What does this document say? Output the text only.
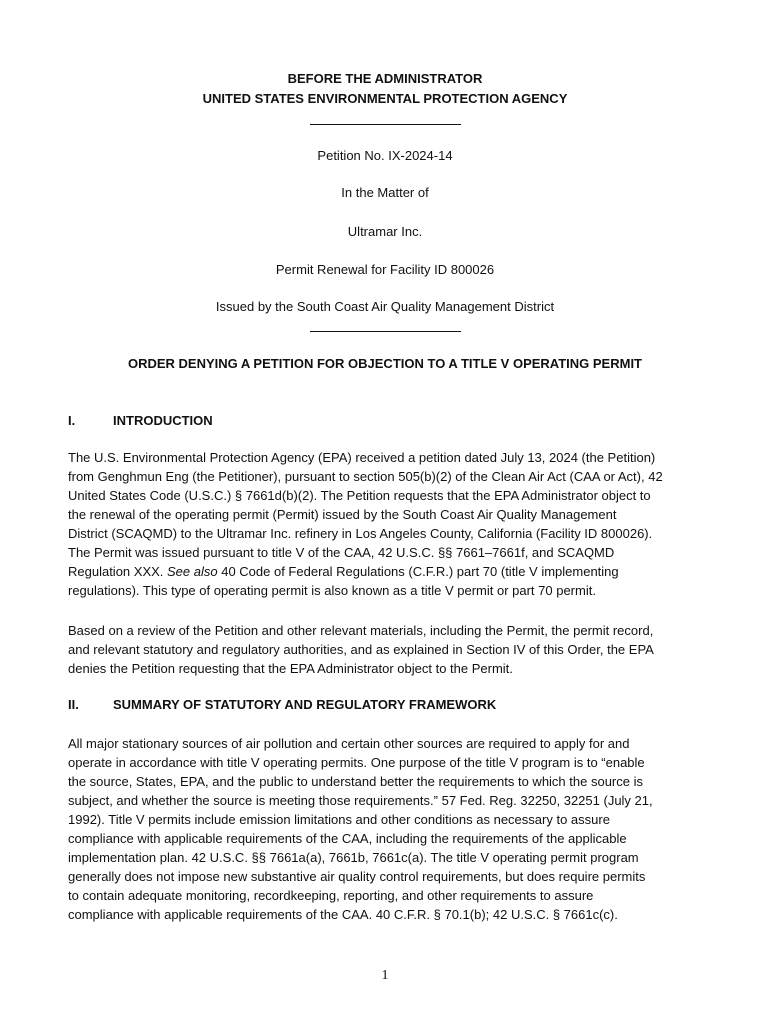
BEFORE THE ADMINISTRATOR
UNITED STATES ENVIRONMENTAL PROTECTION AGENCY
Petition No. IX-2024-14
In the Matter of
Ultramar Inc.
Permit Renewal for Facility ID 800026
Issued by the South Coast Air Quality Management District
ORDER DENYING A PETITION FOR OBJECTION TO A TITLE V OPERATING PERMIT
I.	INTRODUCTION
The U.S. Environmental Protection Agency (EPA) received a petition dated July 13, 2024 (the Petition)
from Genghmun Eng (the Petitioner), pursuant to section 505(b)(2) of the Clean Air Act (CAA or Act), 42
United States Code (U.S.C.) § 7661d(b)(2). The Petition requests that the EPA Administrator object to
the renewal of the operating permit (Permit) issued by the South Coast Air Quality Management
District (SCAQMD) to the Ultramar Inc. refinery in Los Angeles County, California (Facility ID 800026).
The Permit was issued pursuant to title V of the CAA, 42 U.S.C. §§ 7661–7661f, and SCAQMD
Regulation XXX. See also 40 Code of Federal Regulations (C.F.R.) part 70 (title V implementing
regulations). This type of operating permit is also known as a title V permit or part 70 permit.
Based on a review of the Petition and other relevant materials, including the Permit, the permit record,
and relevant statutory and regulatory authorities, and as explained in Section IV of this Order, the EPA
denies the Petition requesting that the EPA Administrator object to the Permit.
II.	SUMMARY OF STATUTORY AND REGULATORY FRAMEWORK
All major stationary sources of air pollution and certain other sources are required to apply for and
operate in accordance with title V operating permits. One purpose of the title V program is to “enable
the source, States, EPA, and the public to understand better the requirements to which the source is
subject, and whether the source is meeting those requirements.” 57 Fed. Reg. 32250, 32251 (July 21,
1992). Title V permits include emission limitations and other conditions as necessary to assure
compliance with applicable requirements of the CAA, including the requirements of the applicable
implementation plan. 42 U.S.C. §§ 7661a(a), 7661b, 7661c(a). The title V operating permit program
generally does not impose new substantive air quality control requirements, but does require permits
to contain adequate monitoring, recordkeeping, reporting, and other requirements to assure
compliance with applicable requirements of the CAA. 40 C.F.R. § 70.1(b); 42 U.S.C. § 7661c(c).
1
